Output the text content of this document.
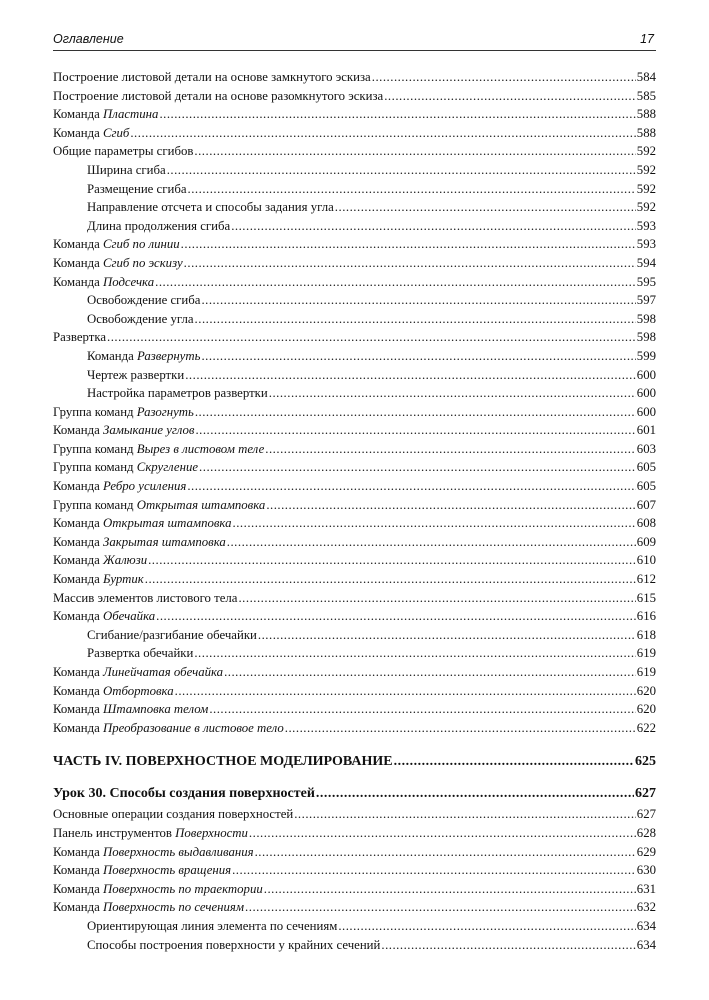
Оглавление	17
Построение листовой детали на основе замкнутого эскиза .....	584
Построение листовой детали на основе разомкнутого эскиза .....	585
Команда Пластина .....	588
Команда Сгиб .....	588
Общие параметры сгибов .....	592
Ширина сгиба .....	592
Размещение сгиба .....	592
Направление отсчета и способы задания угла .....	592
Длина продолжения сгиба .....	593
Команда Сгиб по линии .....	593
Команда Сгиб по эскизу .....	594
Команда Подсечка .....	595
Освобождение сгиба .....	597
Освобождение угла .....	598
Развертка .....	598
Команда Развернуть .....	599
Чертеж развертки .....	600
Настройка параметров развертки .....	600
Группа команд Разогнуть .....	600
Команда Замыкание углов .....	601
Группа команд Вырез в листовом теле .....	603
Группа команд Скругление .....	605
Команда Ребро усиления .....	605
Группа команд Открытая штамповка .....	607
Команда Открытая штамповка .....	608
Команда Закрытая штамповка .....	609
Команда Жалюзи .....	610
Команда Буртик .....	612
Массив элементов листового тела .....	615
Команда Обечайка .....	616
Сгибание/разгибание обечайки .....	618
Развертка обечайки .....	619
Команда Линейчатая обечайка .....	619
Команда Отбортовка .....	620
Команда Штамповка телом .....	620
Команда Преобразование в листовое тело .....	622
ЧАСТЬ IV. ПОВЕРХНОСТНОЕ МОДЕЛИРОВАНИЕ .....	625
Урок 30. Способы создания поверхностей .....	627
Основные операции создания поверхностей .....	627
Панель инструментов Поверхности .....	628
Команда Поверхность выдавливания .....	629
Команда Поверхность вращения .....	630
Команда Поверхность по траектории .....	631
Команда Поверхность по сечениям .....	632
Ориентирующая линия элемента по сечениям .....	634
Способы построения поверхности у крайних сечений .....	634
